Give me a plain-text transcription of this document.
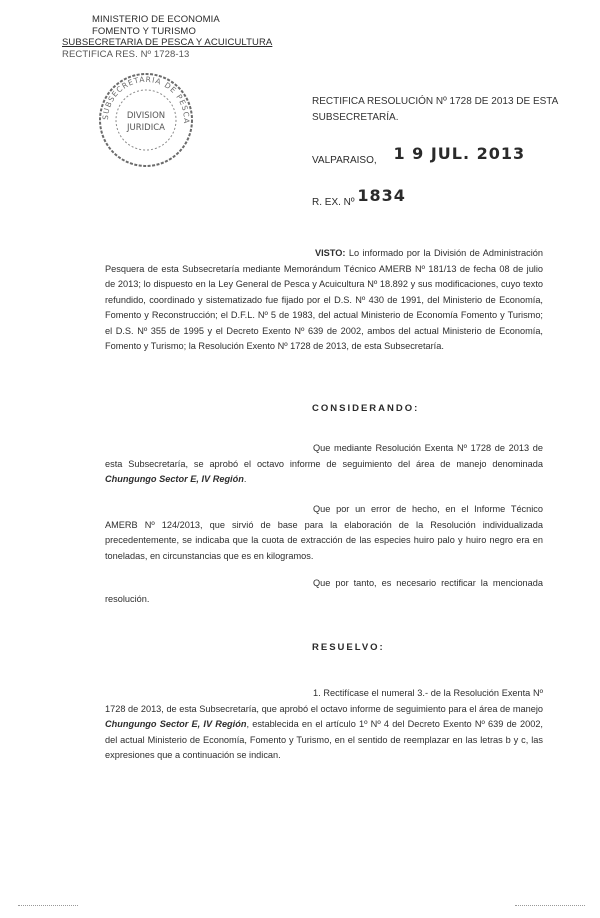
MINISTERIO DE ECONOMIA
FOMENTO Y TURISMO
SUBSECRETARIA DE PESCA Y ACUICULTURA
RECTIFICA RES. Nº 1728-13
SUBSECRETARIA DE PESCA
DIVISION
JURIDICA
RECTIFICA RESOLUCIÓN Nº 1728 DE 2013 DE ESTA SUBSECRETARÍA.
VALPARAISO, 1 9 JUL. 2013
R. EX. Nº 1834
VISTO: Lo informado por la División de Administración Pesquera de esta Subsecretaría mediante Memorándum Técnico AMERB Nº 181/13 de fecha 08 de julio de 2013; lo dispuesto en la Ley General de Pesca y Acuicultura Nº 18.892 y sus modificaciones, cuyo texto refundido, coordinado y sistematizado fue fijado por el D.S. Nº 430 de 1991, del Ministerio de Economía, Fomento y Reconstrucción; el D.F.L. Nº 5 de 1983, del actual Ministerio de Economía Fomento y Turismo; el D.S. Nº 355 de 1995 y el Decreto Exento Nº 639 de 2002, ambos del actual Ministerio de Economía, Fomento y Turismo; la Resolución Exento Nº 1728 de 2013, de esta Subsecretaría.
CONSIDERANDO:
Que mediante Resolución Exenta Nº 1728 de 2013 de esta Subsecretaría, se aprobó el octavo informe de seguimiento del área de manejo denominada Chungungo Sector E, IV Región.
Que por un error de hecho, en el Informe Técnico AMERB Nº 124/2013, que sirvió de base para la elaboración de la Resolución individualizada precedentemente, se indicaba que la cuota de extracción de las especies huiro palo y huiro negro era en toneladas, en circunstancias que es en kilogramos.
Que por tanto, es necesario rectificar la mencionada resolución.
RESUELVO:
1. Rectifícase el numeral 3.- de la Resolución Exenta Nº 1728 de 2013, de esta Subsecretaría, que aprobó el octavo informe de seguimiento para el área de manejo Chungungo Sector E, IV Región, establecida en el artículo 1º Nº 4 del Decreto Exento Nº 639 de 2002, del actual Ministerio de Economía, Fomento y Turismo, en el sentido de reemplazar en las letras b y c, las expresiones que a continuación se indican.
